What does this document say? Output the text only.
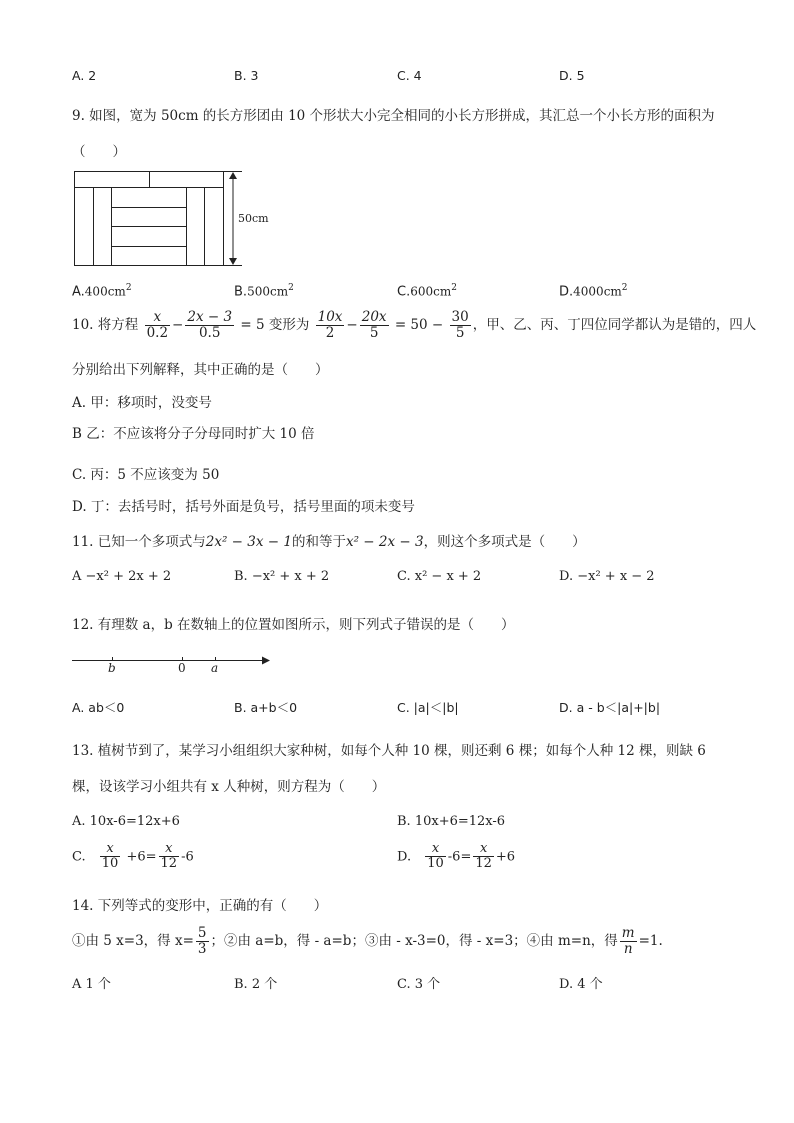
A. 2	B. 3	C. 4	D. 5
9. 如图，宽为 50cm 的长方形团由 10 个形状大小完全相同的小长方形拼成，其汇总一个小长方形的面积为
（　　）
50cm
$A.400cm^2$	$B.500cm^2$	$C.600cm^2$	$D.4000cm^2$
10. 将方程 $\frac{x}{0.2} - \frac{2x - 3}{0.5} = 5$ 变形为 $\frac{10x}{2} - \frac{20x}{5} = 50 - \frac{30}{5}$ ，甲、乙、丙、丁四位同学都认为是错的，四人
分别给出下列解释，其中正确的是（　　）
A. 甲：移项时，没变号
B 乙：不应该将分子分母同时扩大 10 倍
C. 丙：5 不应该变为 50
D. 丁：去括号时，括号外面是负号，括号里面的项未变号
11. 已知一个多项式与2x² − 3x − 1的和等于x² − 2x − 3，则这个多项式是（　　）
A −x² + 2x + 2	B. −x² + x + 2	C. x² − x + 2	D. −x² + x − 2
12. 有理数 a，b 在数轴上的位置如图所示，则下列式子错误的是（　　）
b	0 a
A. ab＜0	B. a+b＜0	C. |a|＜|b|	D. a - b＜|a|+|b|
13. 植树节到了，某学习小组组织大家种树，如每个人种 10 棵，则还剩 6 棵；如每个人种 12 棵，则缺 6
棵，设该学习小组共有 x 人种树，则方程为（　　）
A. 10x-6=12x+6	B. 10x+6=12x-6
C. $\frac{x}{10} +6= \frac{x}{12} -6$	D. $\frac{x}{10} -6= \frac{x}{12} +6$
14. 下列等式的变形中，正确的有（　　）
①由 5 x=3，得 $x= \frac{5}{3}$ ；②由 a=b，得 - a=b；③由 - x-3=0，得 - x=3；④由 m=n，得 $\frac{m}{n} =1$.
A 1 个	B. 2 个	C. 3 个	D. 4 个
